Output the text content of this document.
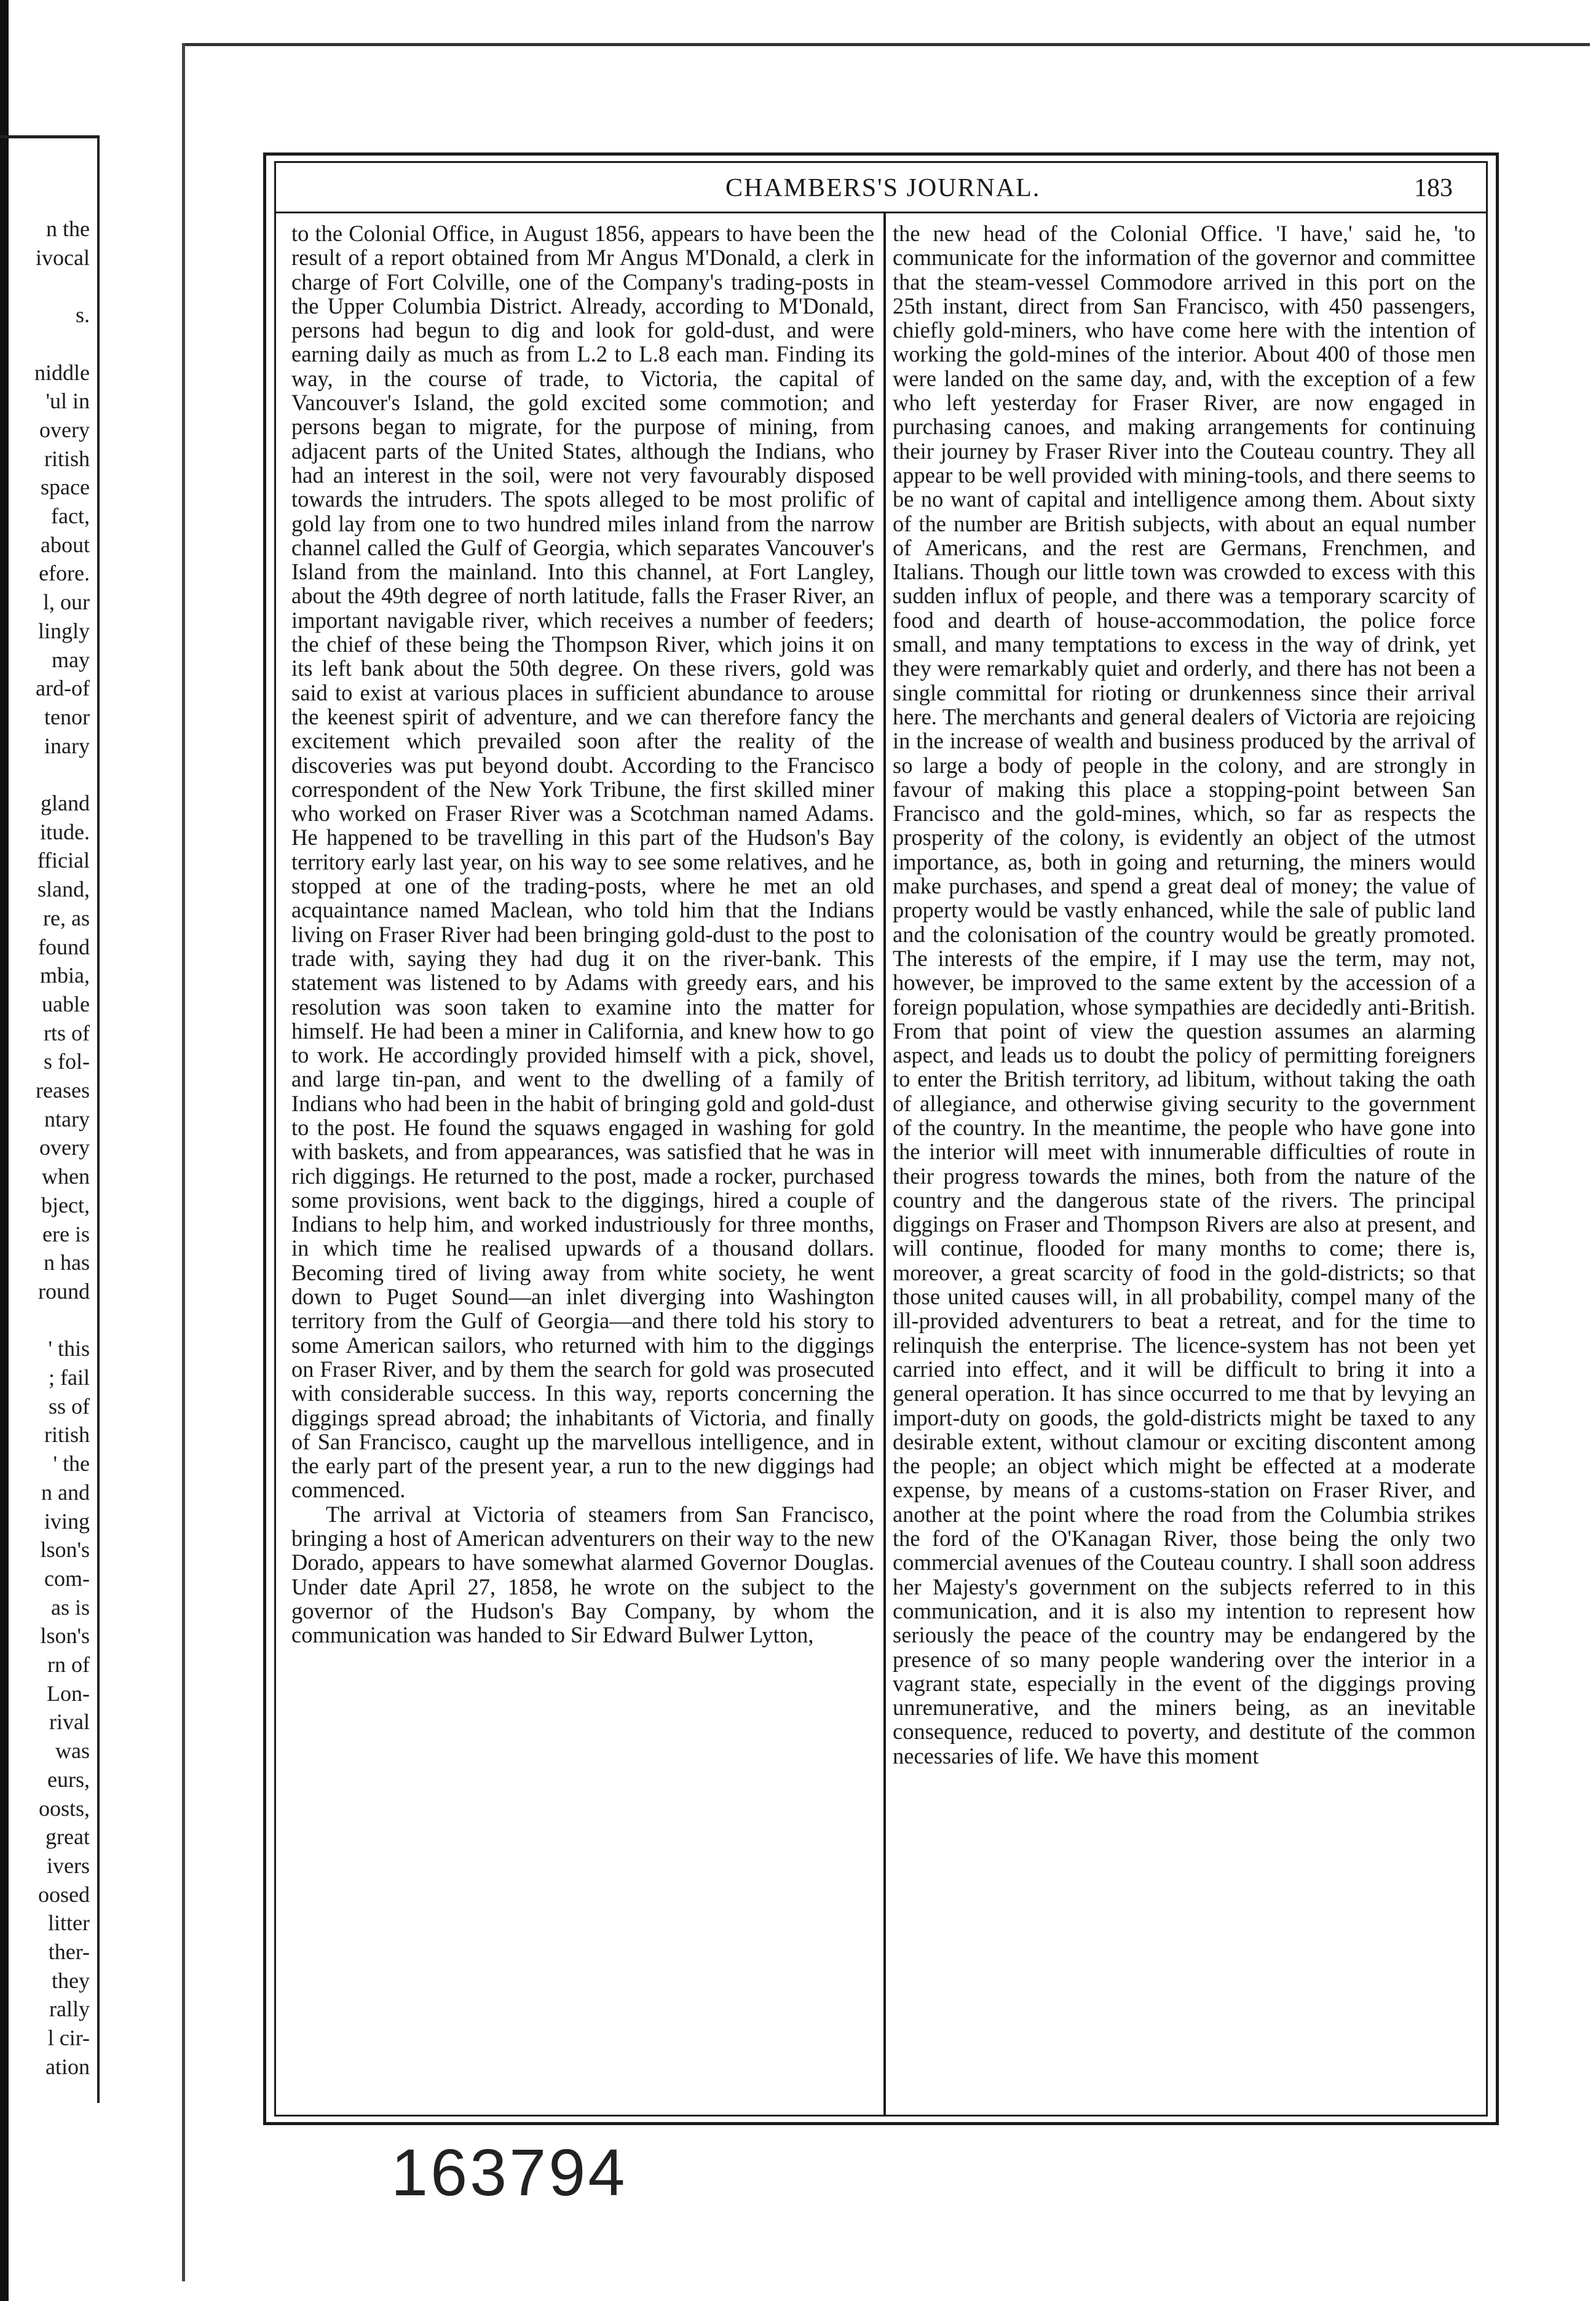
n the
ivocal
s.
niddle
'ul in
overy
ritish
space
fact,
about
efore.
l, our
lingly
may
ard-of
tenor
inary
gland
itude.
fficial
sland,
re, as
found
mbia,
uable
rts of
s fol-
reases
ntary
overy
when
bject,
ere is
n has
round
' this
; fail
ss of
ritish
' the
n and
iving
lson's
com-
as is
lson's
rn of
Lon-
rival
was
eurs,
oosts,
great
ivers
oosed
litter
ther-
they
rally
l cir-
ation
CHAMBERS'S JOURNAL.	183

to the Colonial Office, in August 1856, appears to have been the result of a report obtained from Mr Angus M'Donald, a clerk in charge of Fort Colville, one of the Company's trading-posts in the Upper Columbia District. Already, according to M'Donald, persons had begun to dig and look for gold-dust, and were earning daily as much as from L.2 to L.8 each man. Finding its way, in the course of trade, to Victoria, the capital of Vancouver's Island, the gold excited some commotion; and persons began to migrate, for the purpose of mining, from adjacent parts of the United States, although the Indians, who had an interest in the soil, were not very favourably disposed towards the intruders. The spots alleged to be most prolific of gold lay from one to two hundred miles inland from the narrow channel called the Gulf of Georgia, which separates Vancouver's Island from the mainland. Into this channel, at Fort Langley, about the 49th degree of north latitude, falls the Fraser River, an important navigable river, which receives a number of feeders; the chief of these being the Thompson River, which joins it on its left bank about the 50th degree. On these rivers, gold was said to exist at various places in sufficient abundance to arouse the keenest spirit of adventure, and we can therefore fancy the excitement which prevailed soon after the reality of the discoveries was put beyond doubt. According to the Francisco correspondent of the New York Tribune, the first skilled miner who worked on Fraser River was a Scotchman named Adams. He happened to be travelling in this part of the Hudson's Bay territory early last year, on his way to see some relatives, and he stopped at one of the trading-posts, where he met an old acquaintance named Maclean, who told him that the Indians living on Fraser River had been bringing gold-dust to the post to trade with, saying they had dug it on the river-bank. This statement was listened to by Adams with greedy ears, and his resolution was soon taken to examine into the matter for himself. He had been a miner in California, and knew how to go to work. He accordingly provided himself with a pick, shovel, and large tin-pan, and went to the dwelling of a family of Indians who had been in the habit of bringing gold and gold-dust to the post. He found the squaws engaged in washing for gold with baskets, and from appearances, was satisfied that he was in rich diggings. He returned to the post, made a rocker, purchased some provisions, went back to the diggings, hired a couple of Indians to help him, and worked industriously for three months, in which time he realised upwards of a thousand dollars. Becoming tired of living away from white society, he went down to Puget Sound—an inlet diverging into Washington territory from the Gulf of Georgia—and there told his story to some American sailors, who returned with him to the diggings on Fraser River, and by them the search for gold was prosecuted with considerable success. In this way, reports concerning the diggings spread abroad; the inhabitants of Victoria, and finally of San Francisco, caught up the marvellous intelligence, and in the early part of the present year, a run to the new diggings had commenced.

The arrival at Victoria of steamers from San Francisco, bringing a host of American adventurers on their way to the new Dorado, appears to have somewhat alarmed Governor Douglas. Under date April 27, 1858, he wrote on the subject to the governor of the Hudson's Bay Company, by whom the communication was handed to Sir Edward Bulwer Lytton,

the new head of the Colonial Office. 'I have,' said he, 'to communicate for the information of the governor and committee that the steam-vessel Commodore arrived in this port on the 25th instant, direct from San Francisco, with 450 passengers, chiefly gold-miners, who have come here with the intention of working the gold-mines of the interior. About 400 of those men were landed on the same day, and, with the exception of a few who left yesterday for Fraser River, are now engaged in purchasing canoes, and making arrangements for continuing their journey by Fraser River into the Couteau country. They all appear to be well provided with mining-tools, and there seems to be no want of capital and intelligence among them. About sixty of the number are British subjects, with about an equal number of Americans, and the rest are Germans, Frenchmen, and Italians. Though our little town was crowded to excess with this sudden influx of people, and there was a temporary scarcity of food and dearth of house-accommodation, the police force small, and many temptations to excess in the way of drink, yet they were remarkably quiet and orderly, and there has not been a single committal for rioting or drunkenness since their arrival here. The merchants and general dealers of Victoria are rejoicing in the increase of wealth and business produced by the arrival of so large a body of people in the colony, and are strongly in favour of making this place a stopping-point between San Francisco and the gold-mines, which, so far as respects the prosperity of the colony, is evidently an object of the utmost importance, as, both in going and returning, the miners would make purchases, and spend a great deal of money; the value of property would be vastly enhanced, while the sale of public land and the colonisation of the country would be greatly promoted. The interests of the empire, if I may use the term, may not, however, be improved to the same extent by the accession of a foreign population, whose sympathies are decidedly anti-British. From that point of view the question assumes an alarming aspect, and leads us to doubt the policy of permitting foreigners to enter the British territory, ad libitum, without taking the oath of allegiance, and otherwise giving security to the government of the country. In the meantime, the people who have gone into the interior will meet with innumerable difficulties of route in their progress towards the mines, both from the nature of the country and the dangerous state of the rivers. The principal diggings on Fraser and Thompson Rivers are also at present, and will continue, flooded for many months to come; there is, moreover, a great scarcity of food in the gold-districts; so that those united causes will, in all probability, compel many of the ill-provided adventurers to beat a retreat, and for the time to relinquish the enterprise. The licence-system has not been yet carried into effect, and it will be difficult to bring it into a general operation. It has since occurred to me that by levying an import-duty on goods, the gold-districts might be taxed to any desirable extent, without clamour or exciting discontent among the people; an object which might be effected at a moderate expense, by means of a customs-station on Fraser River, and another at the point where the road from the Columbia strikes the ford of the O'Kanagan River, those being the only two commercial avenues of the Couteau country. I shall soon address her Majesty's government on the subjects referred to in this communication, and it is also my intention to represent how seriously the peace of the country may be endangered by the presence of so many people wandering over the interior in a vagrant state, especially in the event of the diggings proving unremunerative, and the miners being, as an inevitable consequence, reduced to poverty, and destitute of the common necessaries of life. We have this moment

163794
